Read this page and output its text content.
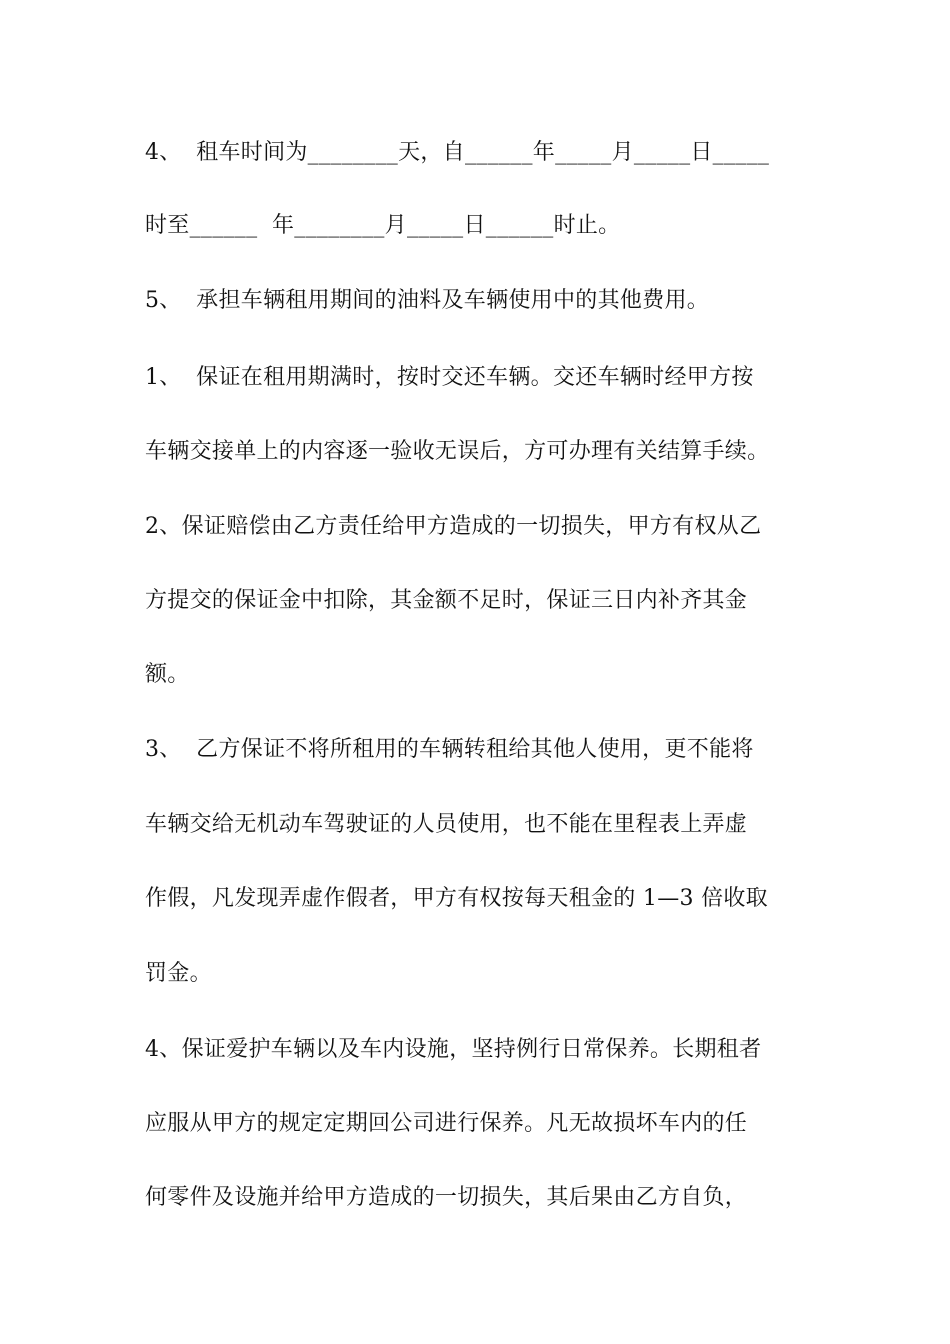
4、  租车时间为________天，自______年_____月_____日_____
时至______  年________月_____日______时止。
5、  承担车辆租用期间的油料及车辆使用中的其他费用。
1、  保证在租用期满时，按时交还车辆。交还车辆时经甲方按
车辆交接单上的内容逐一验收无误后，方可办理有关结算手续。
2、保证赔偿由乙方责任给甲方造成的一切损失，甲方有权从乙
方提交的保证金中扣除，其金额不足时，保证三日内补齐其金
额。
3、  乙方保证不将所租用的车辆转租给其他人使用，更不能将
车辆交给无机动车驾驶证的人员使用，也不能在里程表上弄虚
作假，凡发现弄虚作假者，甲方有权按每天租金的 1—3 倍收取
罚金。
4、保证爱护车辆以及车内设施，坚持例行日常保养。长期租者
应服从甲方的规定定期回公司进行保养。凡无故损坏车内的任
何零件及设施并给甲方造成的一切损失，其后果由乙方自负，
